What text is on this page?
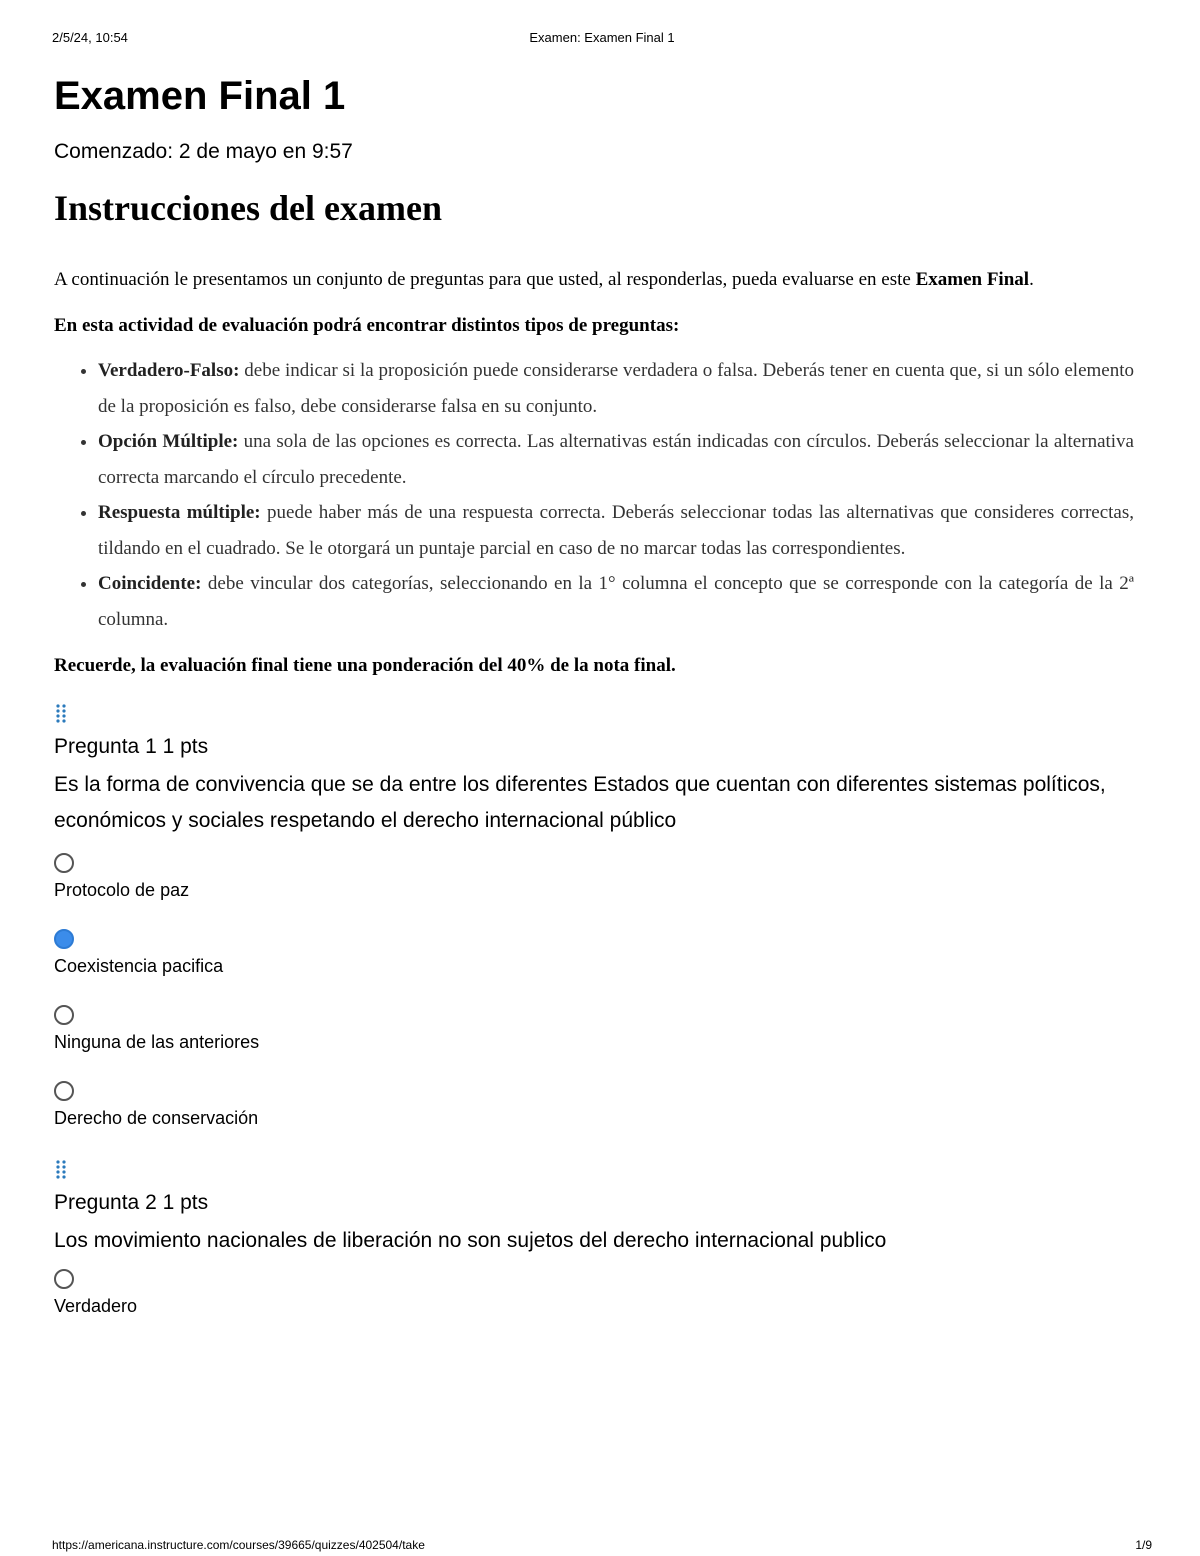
2/5/24, 10:54	Examen: Examen Final 1
Examen Final 1
Comenzado: 2 de mayo en 9:57
Instrucciones del examen
A continuación le presentamos un conjunto de preguntas para que usted, al responderlas, pueda evaluarse en este Examen Final.
En esta actividad de evaluación podrá encontrar distintos tipos de preguntas:
• Verdadero-Falso: debe indicar si la proposición puede considerarse verdadera o falsa. Deberás tener en cuenta que, si un sólo elemento de la proposición es falso, debe considerarse falsa en su conjunto.
• Opción Múltiple: una sola de las opciones es correcta. Las alternativas están indicadas con círculos. Deberás seleccionar la alternativa correcta marcando el círculo precedente.
• Respuesta múltiple: puede haber más de una respuesta correcta. Deberás seleccionar todas las alternativas que consideres correctas, tildando en el cuadrado. Se le otorgará un puntaje parcial en caso de no marcar todas las correspondientes.
• Coincidente: debe vincular dos categorías, seleccionando en la 1° columna el concepto que se corresponde con la categoría de la 2ª columna.
Recuerde, la evaluación final tiene una ponderación del 40% de la nota final.
Pregunta 1 1 pts
Es la forma de convivencia que se da entre los diferentes Estados que cuentan con diferentes sistemas políticos, económicos y sociales respetando el derecho internacional público
Protocolo de paz
Coexistencia pacifica
Ninguna de las anteriores
Derecho de conservación
Pregunta 2 1 pts
Los movimiento nacionales de liberación no son sujetos del derecho internacional publico
Verdadero
https://americana.instructure.com/courses/39665/quizzes/402504/take	1/9
